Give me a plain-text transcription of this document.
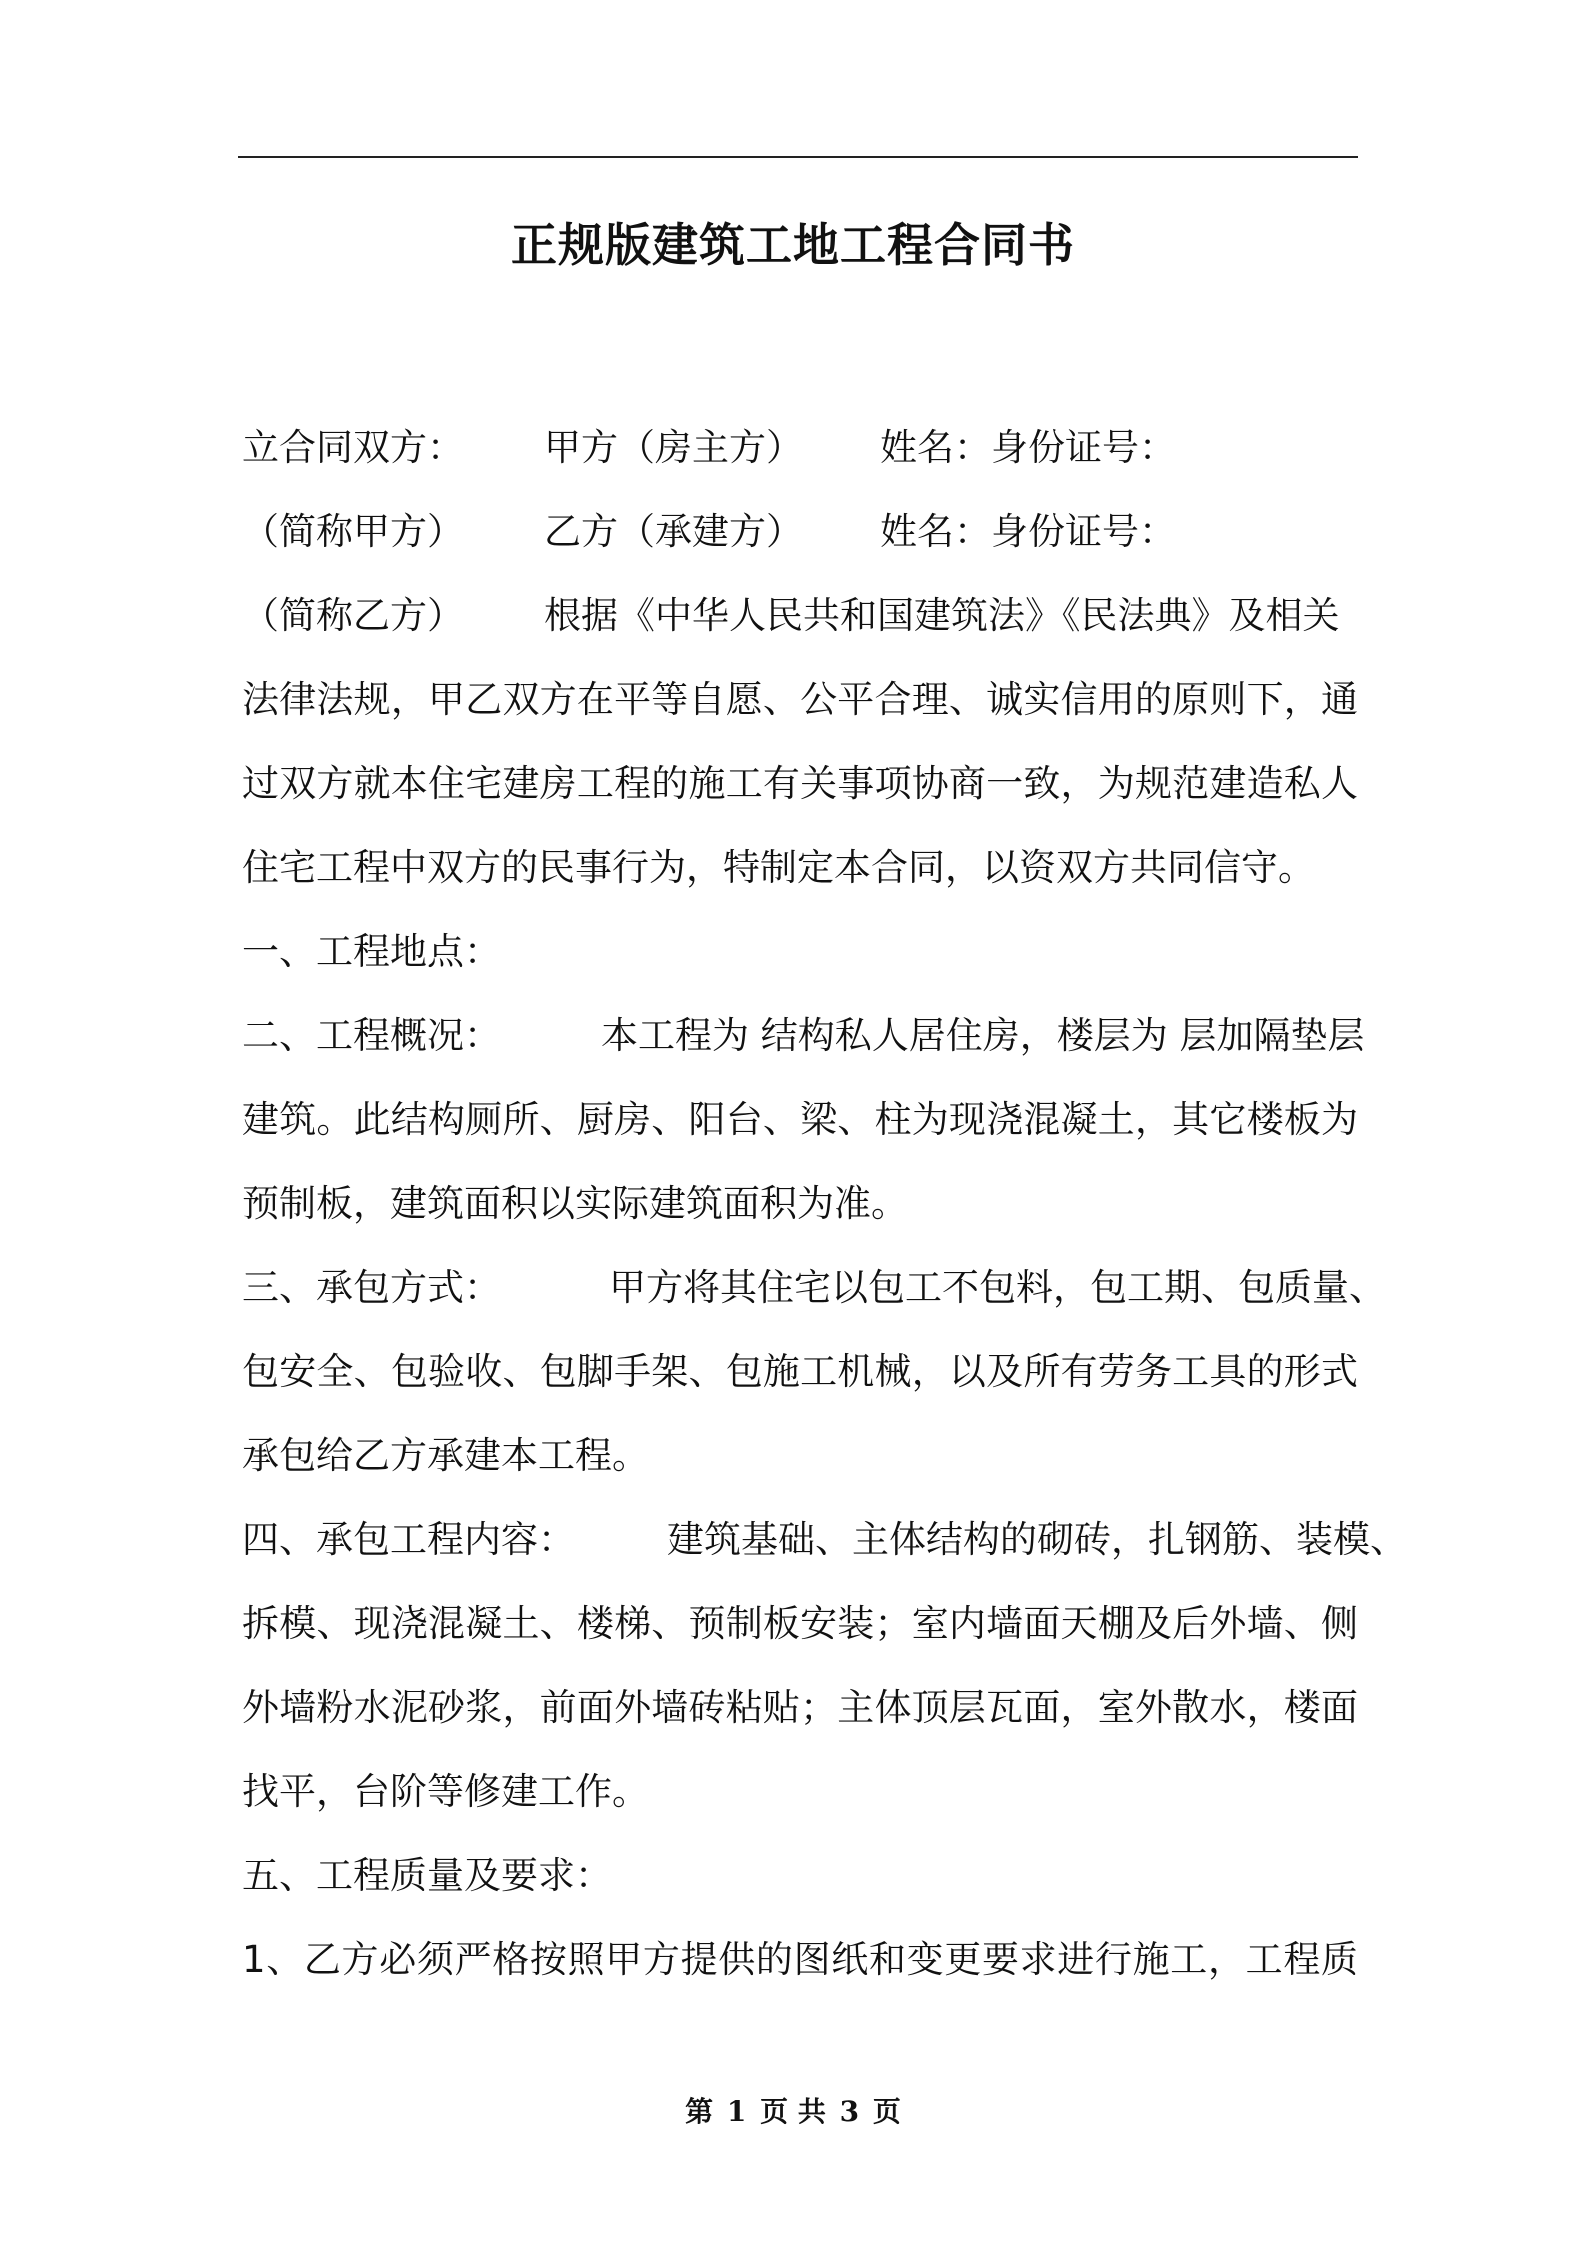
正规版建筑工地工程合同书
立合同双方： 甲方（房主方） 姓名：身份证号：
（简称甲方） 乙方（承建方） 姓名：身份证号：
（简称乙方） 根据《中华人民共和国建筑法》《民法典》及相关
法律法规，甲乙双方在平等自愿、公平合理、诚实信用的原则下，通
过双方就本住宅建房工程的施工有关事项协商一致，为规范建造私人
住宅工程中双方的民事行为，特制定本合同，以资双方共同信守。
一、工程地点：
二、工程概况：	本工程为 结构私人居住房，楼层为 层加隔垫层
建筑。此结构厕所、厨房、阳台、梁、柱为现浇混凝土，其它楼板为
预制板，建筑面积以实际建筑面积为准。
三、承包方式：	甲方将其住宅以包工不包料，包工期、包质量、
包安全、包验收、包脚手架、包施工机械，以及所有劳务工具的形式
承包给乙方承建本工程。
四、承包工程内容： 建筑基础、主体结构的砌砖，扎钢筋、装模、
拆模、现浇混凝土、楼梯、预制板安装；室内墙面天棚及后外墙、侧
外墙粉水泥砂浆，前面外墙砖粘贴；主体顶层瓦面，室外散水，楼面
找平，台阶等修建工作。
五、工程质量及要求：
1、乙方必须严格按照甲方提供的图纸和变更要求进行施工，工程质
第 1 页 共 3 页
